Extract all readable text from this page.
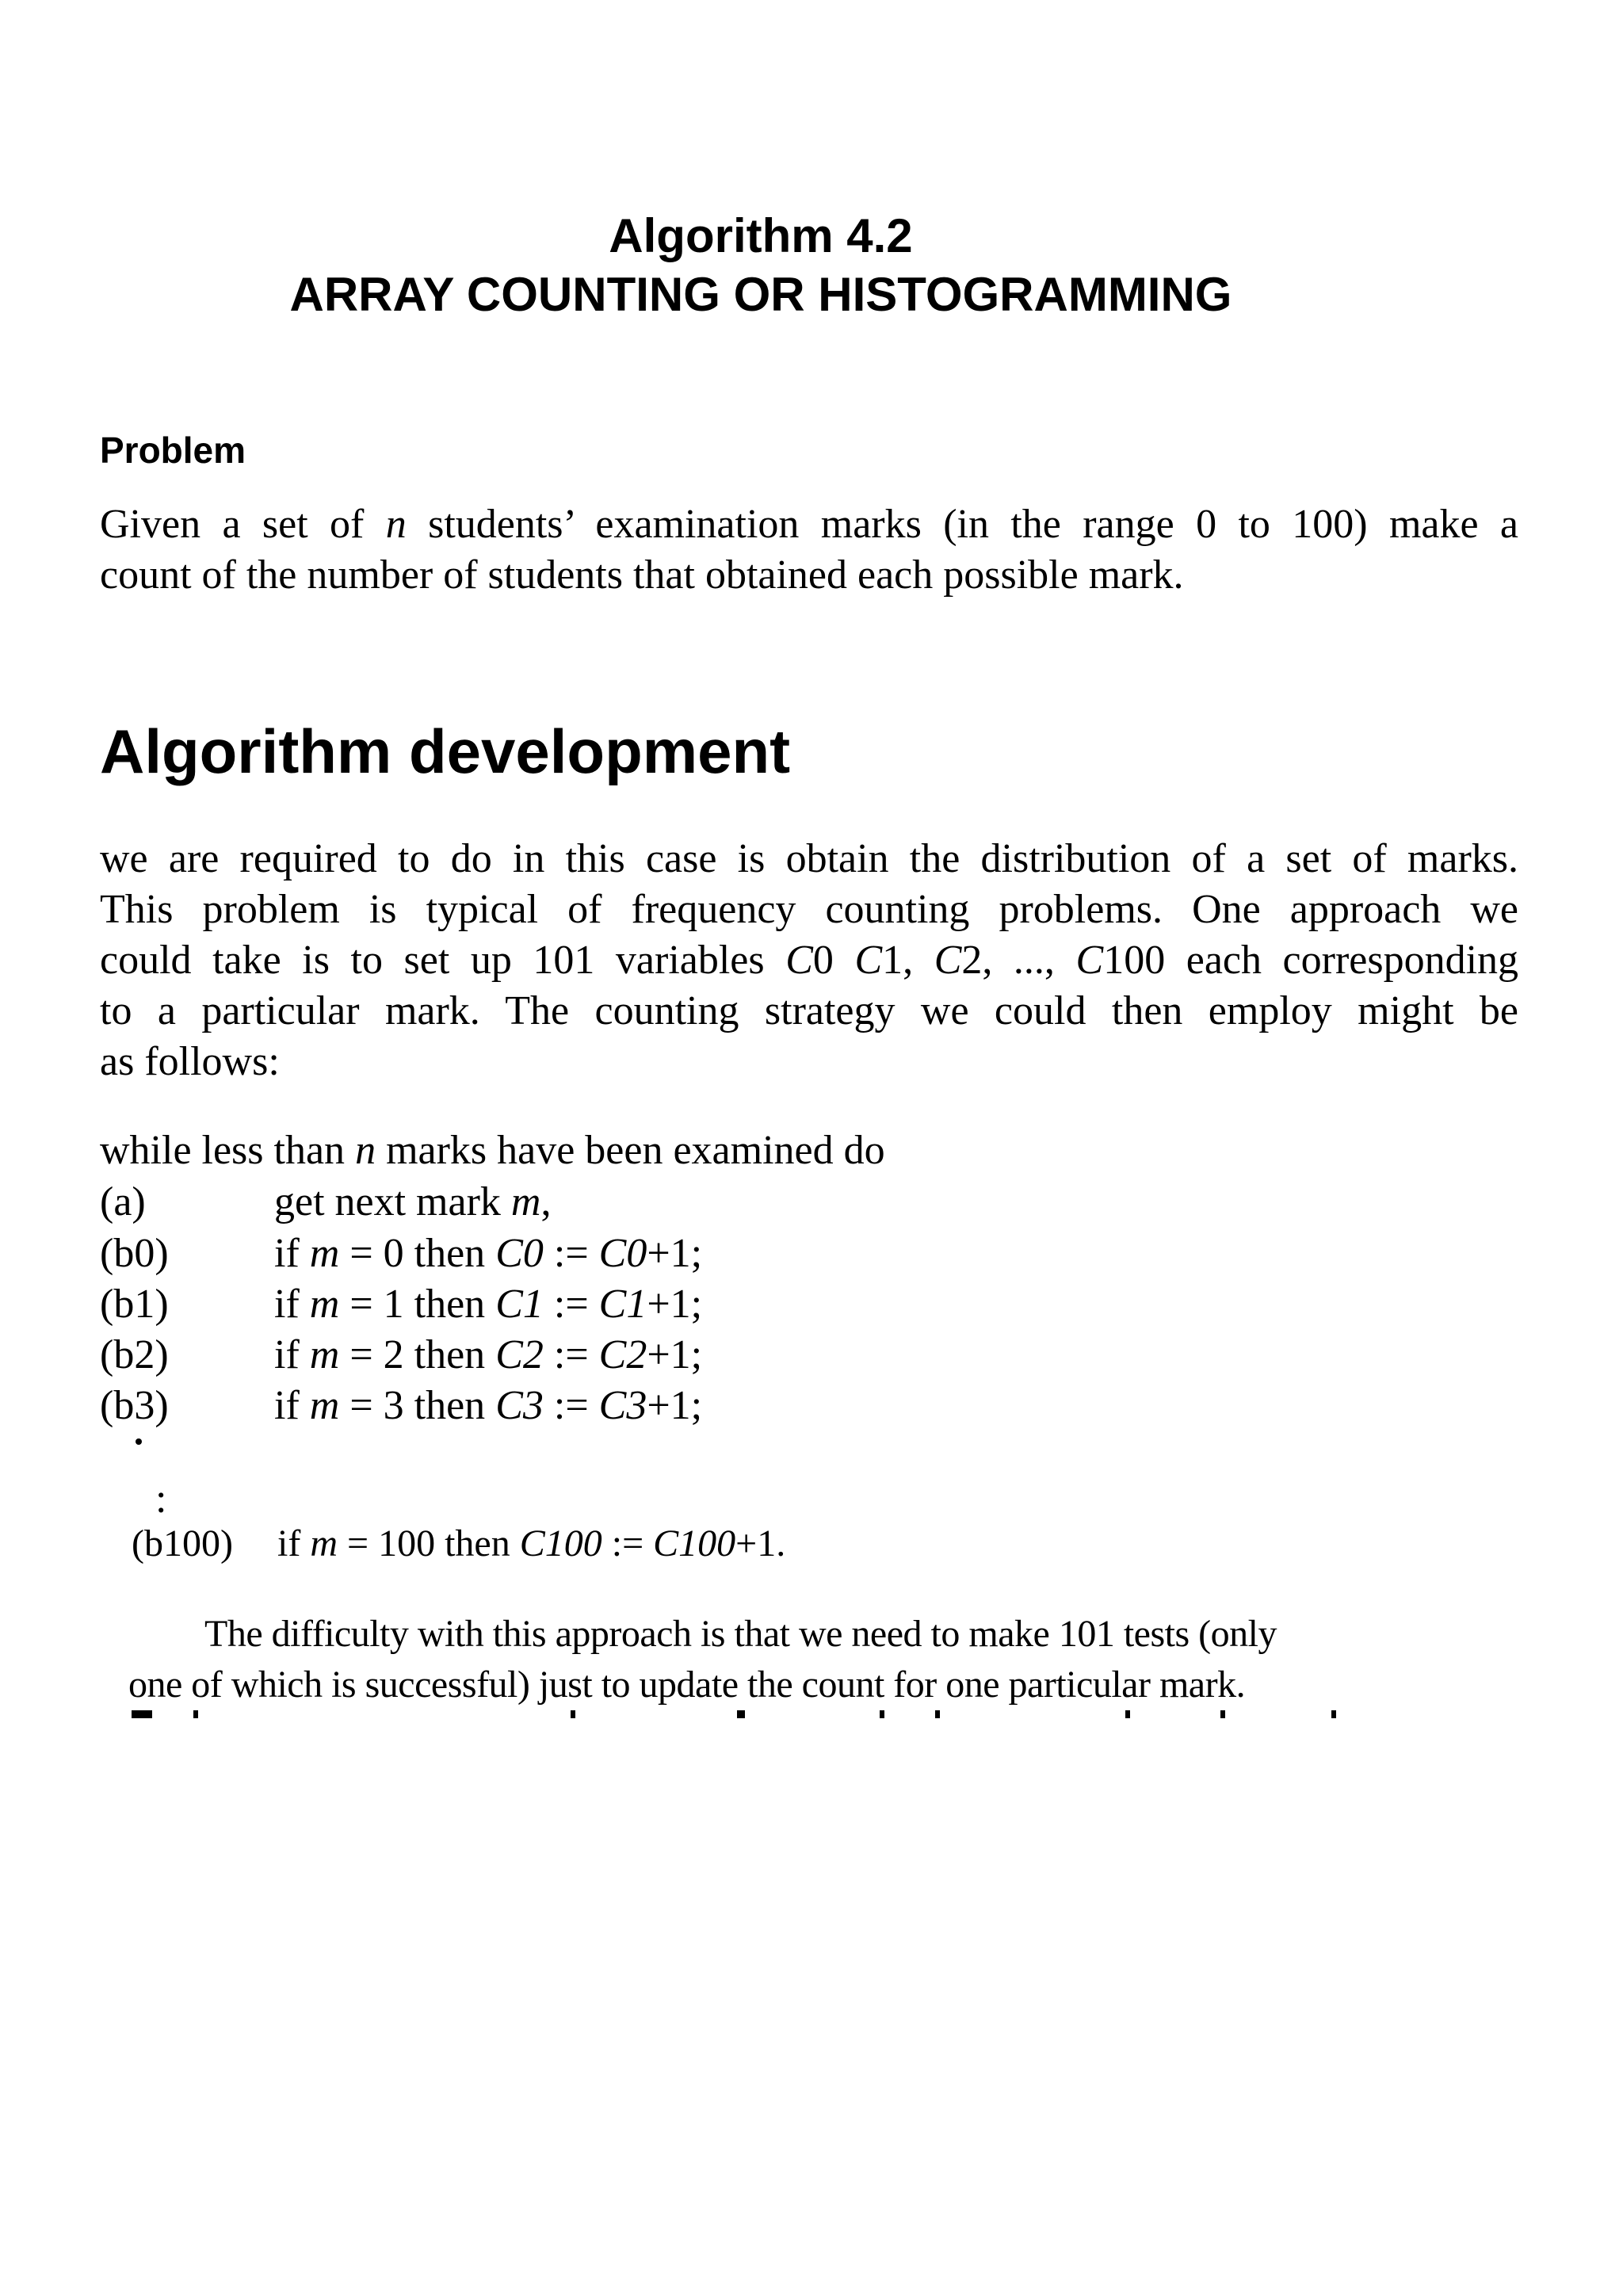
Algorithm 4.2
ARRAY COUNTING OR HISTOGRAMMING
Problem
Given a set of n students’ examination marks (in the range 0 to 100) make a
count of the number of students that obtained each possible mark.
Algorithm development
we are required to do in this case is obtain the distribution of a set of marks.
This problem is typical of frequency counting problems. One approach we
could take is to set up 101 variables C0 C1, C2, ..., C100 each corresponding
to a particular mark. The counting strategy we could then employ might be
as follows:
while less than n marks have been examined do
(a)	get next mark m,
(b0)	if m = 0 then C0 := C0+1;
(b1)	if m = 1 then C1 := C1+1;
(b2)	if m = 2 then C2 := C2+1;
(b3)	if m = 3 then C3 := C3+1;
:
(b100) if m = 100 then C100 := C100+1.
The difficulty with this approach is that we need to make 101 tests (only
one of which is successful) just to update the count for one particular mark.
